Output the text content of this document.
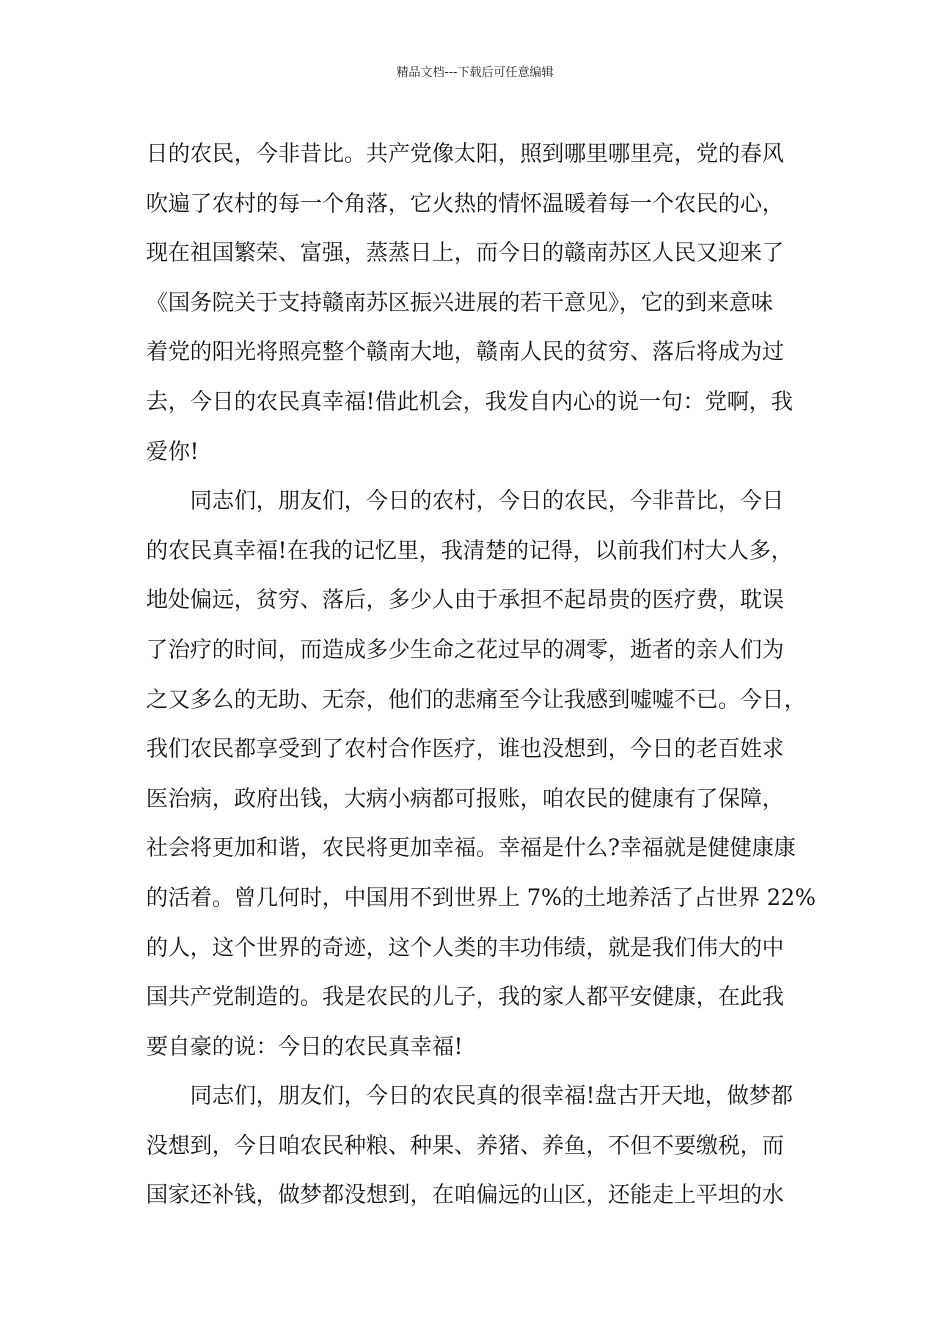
精品文档---下载后可任意编辑
日的农民，今非昔比。共产党像太阳，照到哪里哪里亮，党的春风
吹遍了农村的每一个角落，它火热的情怀温暖着每一个农民的心，
现在祖国繁荣、富强，蒸蒸日上，而今日的赣南苏区人民又迎来了
《国务院关于支持赣南苏区振兴进展的若干意见》，它的到来意味
着党的阳光将照亮整个赣南大地，赣南人民的贫穷、落后将成为过
去，今日的农民真幸福!借此机会，我发自内心的说一句：党啊，我
爱你!
同志们，朋友们，今日的农村，今日的农民，今非昔比，今日
的农民真幸福!在我的记忆里，我清楚的记得，以前我们村大人多，
地处偏远，贫穷、落后，多少人由于承担不起昂贵的医疗费，耽误
了治疗的时间，而造成多少生命之花过早的凋零，逝者的亲人们为
之又多么的无助、无奈，他们的悲痛至今让我感到嘘嘘不已。今日，
我们农民都享受到了农村合作医疗，谁也没想到，今日的老百姓求
医治病，政府出钱，大病小病都可报账，咱农民的健康有了保障，
社会将更加和谐，农民将更加幸福。幸福是什么?幸福就是健健康康
的活着。曾几何时，中国用不到世界上 7%的土地养活了占世界 22%
的人，这个世界的奇迹，这个人类的丰功伟绩，就是我们伟大的中
国共产党制造的。我是农民的儿子，我的家人都平安健康，在此我
要自豪的说：今日的农民真幸福!
同志们，朋友们，今日的农民真的很幸福!盘古开天地，做梦都
没想到，今日咱农民种粮、种果、养猪、养鱼，不但不要缴税，而
国家还补钱，做梦都没想到，在咱偏远的山区，还能走上平坦的水
